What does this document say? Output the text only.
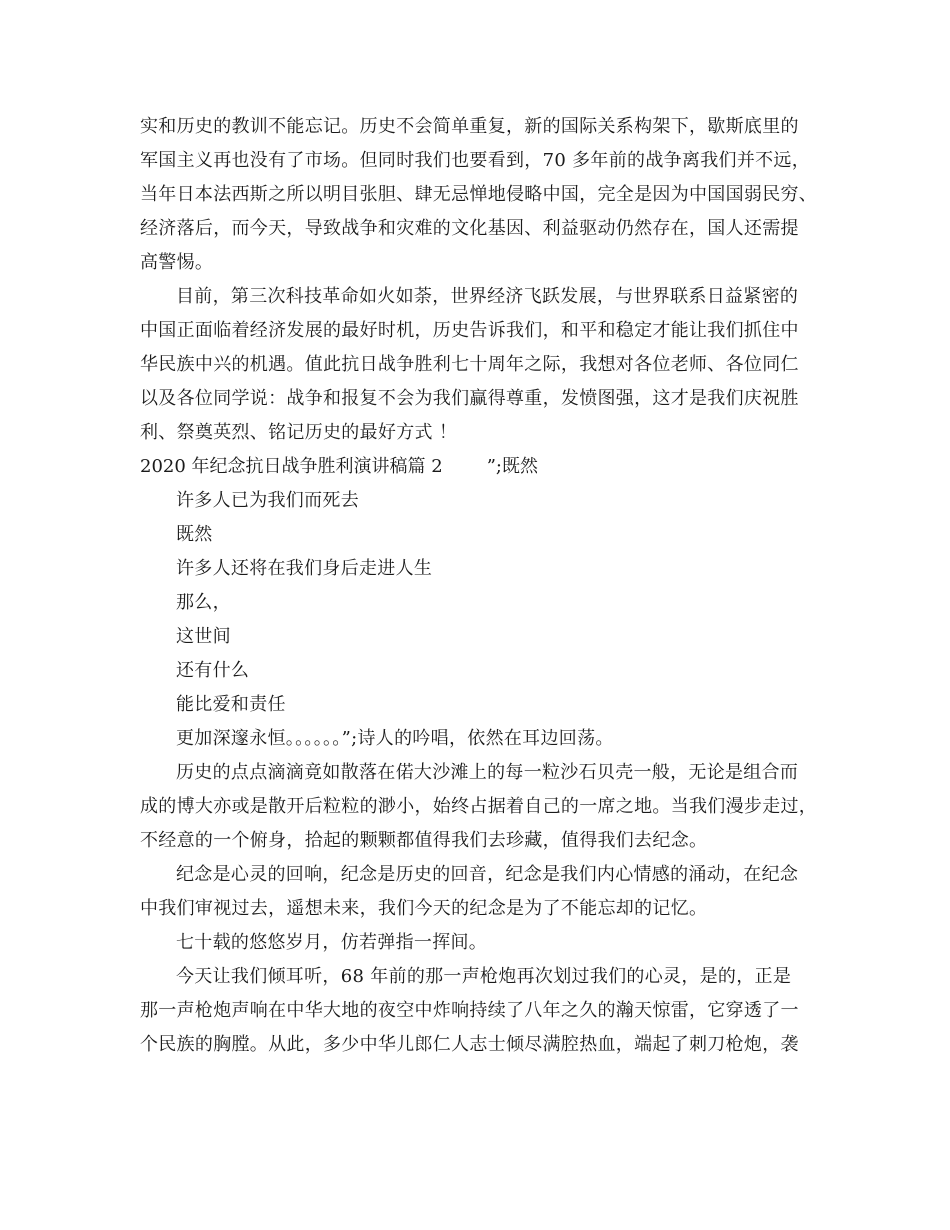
实和历史的教训不能忘记。历史不会简单重复，新的国际关系构架下，歇斯底里的
军国主义再也没有了市场。但同时我们也要看到，70 多年前的战争离我们并不远，
当年日本法西斯之所以明目张胆、肆无忌惮地侵略中国，完全是因为中国国弱民穷、
经济落后，而今天，导致战争和灾难的文化基因、利益驱动仍然存在，国人还需提
高警惕。
目前，第三次科技革命如火如荼，世界经济飞跃发展，与世界联系日益紧密的
中国正面临着经济发展的最好时机，历史告诉我们，和平和稳定才能让我们抓住中
华民族中兴的机遇。值此抗日战争胜利七十周年之际，我想对各位老师、各位同仁
以及各位同学说：战争和报复不会为我们赢得尊重，发愤图强，这才是我们庆祝胜
利、祭奠英烈、铭记历史的最好方式 ！
2020 年纪念抗日战争胜利演讲稿篇 2 ”;既然
许多人已为我们而死去
既然
许多人还将在我们身后走进人生
那么，
这世间
还有什么
能比爱和责任
更加深邃永恒。。。。。。”;诗人的吟唱，依然在耳边回荡。
历史的点点滴滴竟如散落在偌大沙滩上的每一粒沙石贝壳一般，无论是组合而
成的博大亦或是散开后粒粒的渺小，始终占据着自己的一席之地。当我们漫步走过，
不经意的一个俯身，拾起的颗颗都值得我们去珍藏，值得我们去纪念。
纪念是心灵的回响，纪念是历史的回音，纪念是我们内心情感的涌动，在纪念
中我们审视过去，遥想未来，我们今天的纪念是为了不能忘却的记忆。
七十载的悠悠岁月，仿若弹指一挥间。
今天让我们倾耳听，68 年前的那一声枪炮再次划过我们的心灵，是的，正是
那一声枪炮声响在中华大地的夜空中炸响持续了八年之久的瀚天惊雷，它穿透了一
个民族的胸膛。从此，多少中华儿郎仁人志士倾尽满腔热血，端起了刺刀枪炮，袭
